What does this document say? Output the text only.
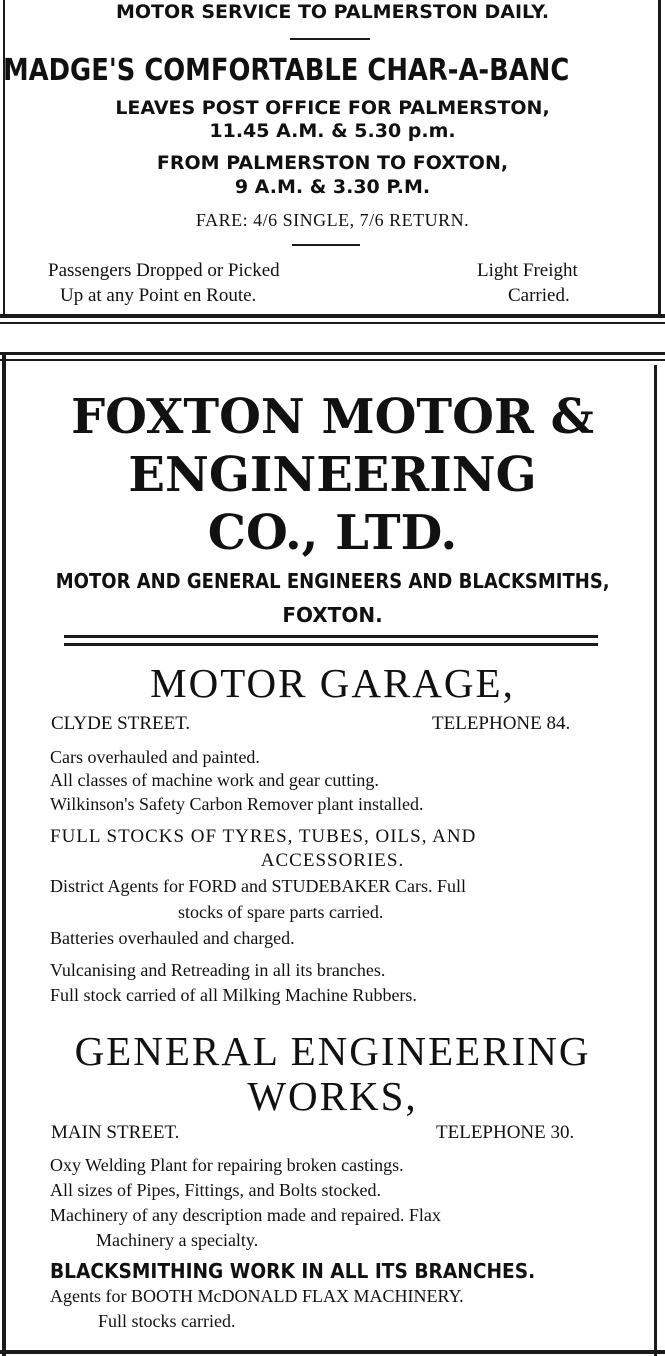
MOTOR SERVICE TO PALMERSTON DAILY.
MADGE'S COMFORTABLE CHAR-A-BANC
LEAVES POST OFFICE FOR PALMERSTON,
11.45 A.M. & 5.30 p.m.
FROM PALMERSTON TO FOXTON,
9 A.M. & 3.30 P.M.
FARE: 4/6 SINGLE, 7/6 RETURN.
Passengers Dropped or Picked
Up at any Point en Route.
Light Freight
Carried.
FOXTON MOTOR &
ENGINEERING
CO., LTD.
MOTOR AND GENERAL ENGINEERS AND BLACKSMITHS,
FOXTON.
MOTOR GARAGE,
CLYDE STREET.	TELEPHONE 84.
Cars overhauled and painted.
All classes of machine work and gear cutting.
Wilkinson's Safety Carbon Remover plant installed.
FULL STOCKS OF TYRES, TUBES, OILS, AND
ACCESSORIES.
District Agents for FORD and STUDEBAKER Cars. Full
stocks of spare parts carried.
Batteries overhauled and charged.
Vulcanising and Retreading in all its branches.
Full stock carried of all Milking Machine Rubbers.
GENERAL ENGINEERING
WORKS,
MAIN STREET.	TELEPHONE 30.
Oxy Welding Plant for repairing broken castings.
All sizes of Pipes, Fittings, and Bolts stocked.
Machinery of any description made and repaired. Flax
Machinery a specialty.
BLACKSMITHING WORK IN ALL ITS BRANCHES.
Agents for BOOTH McDONALD FLAX MACHINERY.
Full stocks carried.
